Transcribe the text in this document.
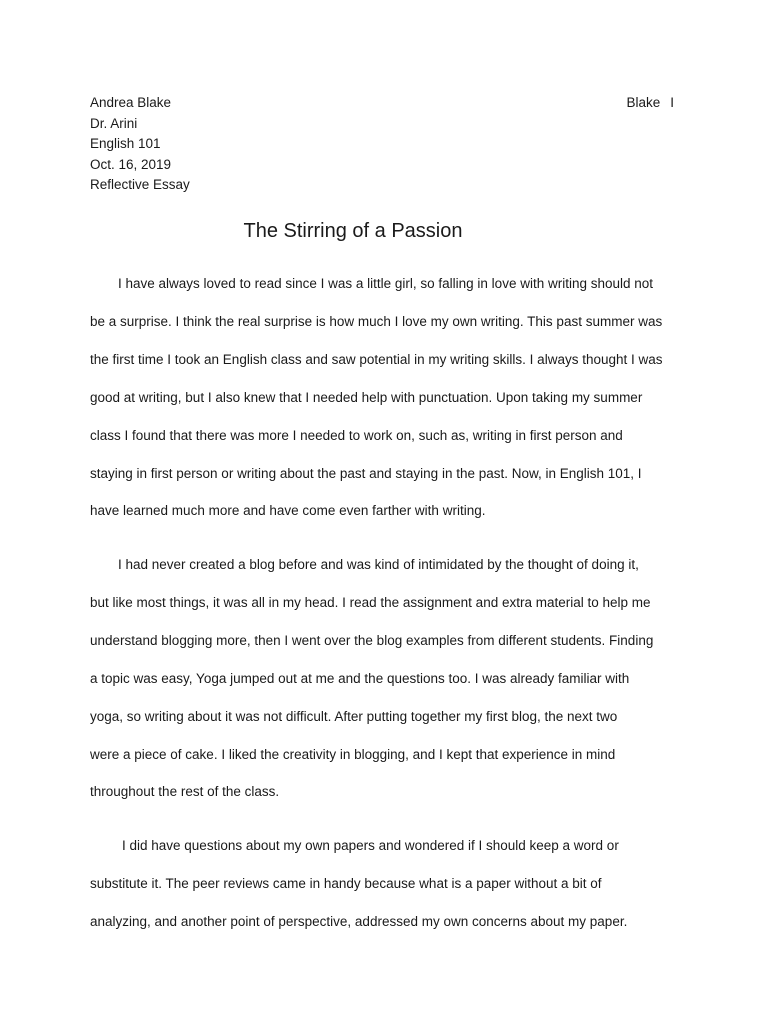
Andrea Blake
Dr. Arini
English 101
Oct. 16, 2019
Reflective Essay
Blake I
The Stirring of a Passion
I have always loved to read since I was a little girl, so falling in love with writing should not
be a surprise. I think the real surprise is how much I love my own writing. This past summer was
the first time I took an English class and saw potential in my writing skills. I always thought I was
good at writing, but I also knew that I needed help with punctuation. Upon taking my summer
class I found that there was more I needed to work on, such as, writing in first person and
staying in first person or writing about the past and staying in the past. Now, in English 101, I
have learned much more and have come even farther with writing.
I had never created a blog before and was kind of intimidated by the thought of doing it,
but like most things, it was all in my head. I read the assignment and extra material to help me
understand blogging more, then I went over the blog examples from different students. Finding
a topic was easy, Yoga jumped out at me and the questions too. I was already familiar with
yoga, so writing about it was not difficult. After putting together my first blog, the next two
were a piece of cake. I liked the creativity in blogging, and I kept that experience in mind
throughout the rest of the class.
I did have questions about my own papers and wondered if I should keep a word or
substitute it. The peer reviews came in handy because what is a paper without a bit of
analyzing, and another point of perspective, addressed my own concerns about my paper.
